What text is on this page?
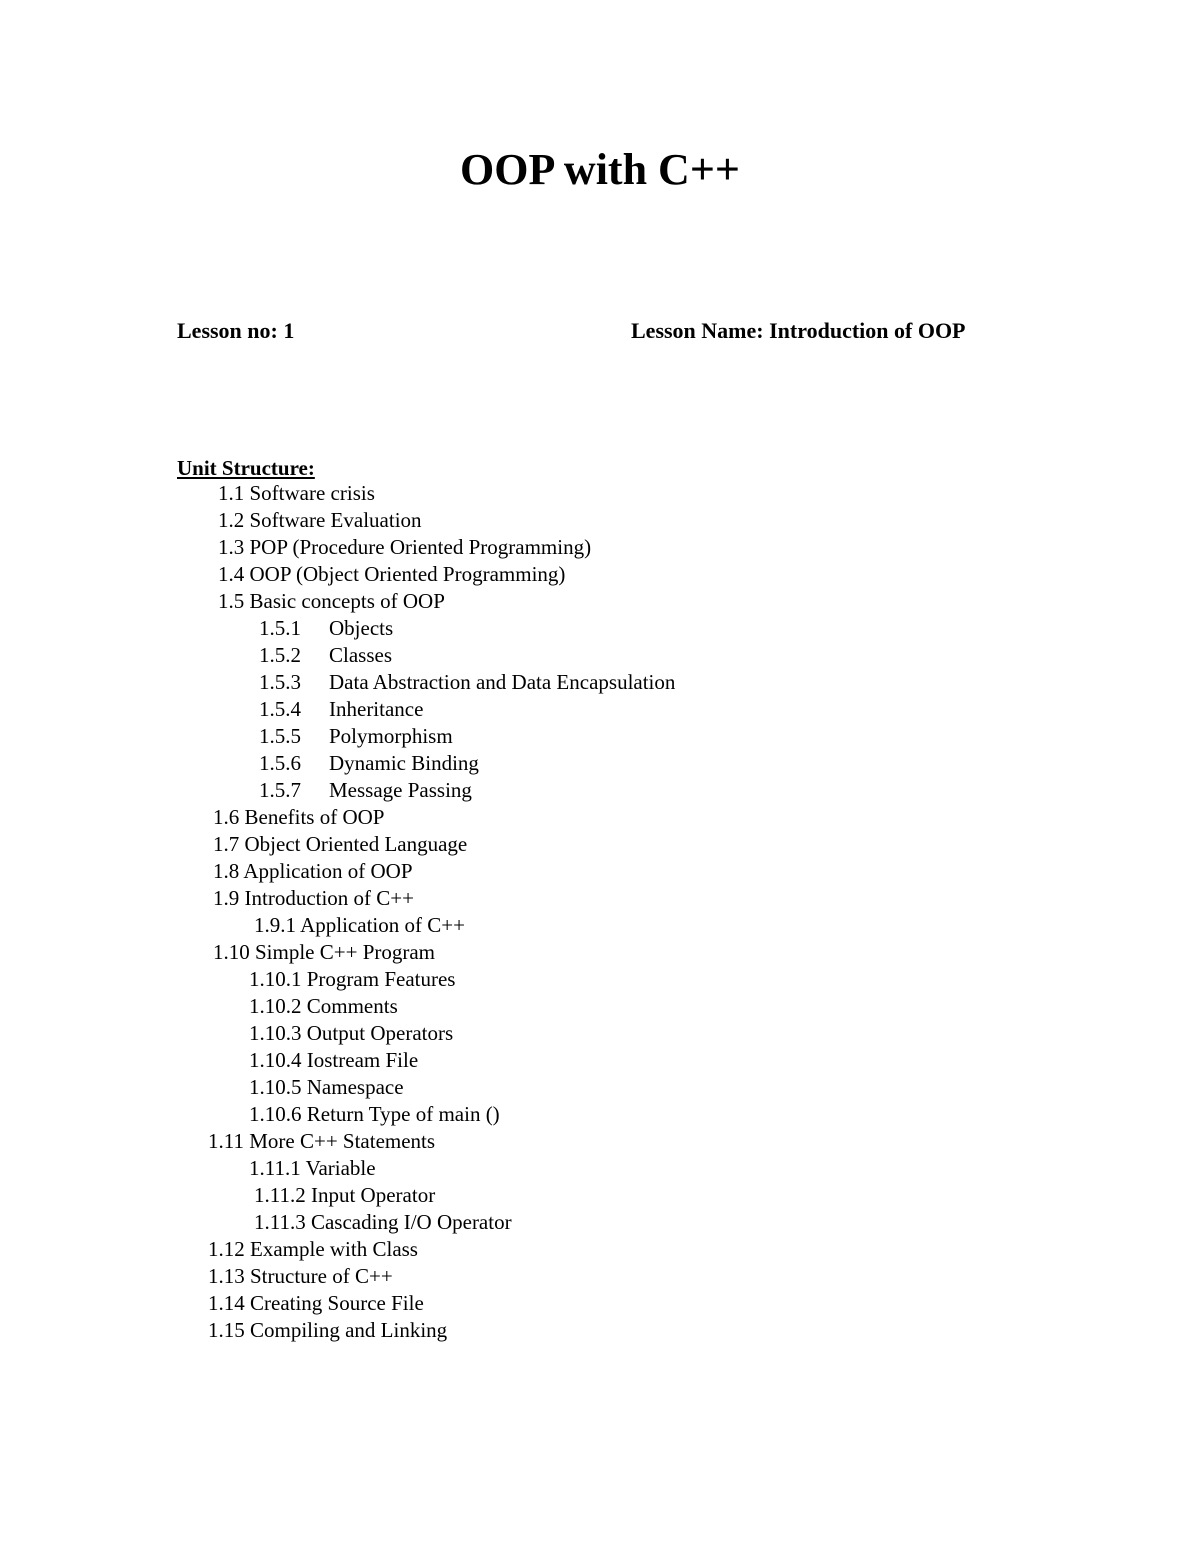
OOP with C++
Lesson no: 1	Lesson Name: Introduction of OOP
Unit Structure:
1.1 Software crisis
1.2 Software Evaluation
1.3 POP (Procedure Oriented Programming)
1.4 OOP (Object Oriented Programming)
1.5 Basic concepts of OOP
1.5.1 Objects
1.5.2 Classes
1.5.3 Data Abstraction and Data Encapsulation
1.5.4 Inheritance
1.5.5 Polymorphism
1.5.6 Dynamic Binding
1.5.7 Message Passing
1.6 Benefits of OOP
1.7 Object Oriented Language
1.8 Application of OOP
1.9 Introduction of C++
1.9.1 Application of C++
1.10 Simple C++ Program
1.10.1 Program Features
1.10.2 Comments
1.10.3 Output Operators
1.10.4 Iostream File
1.10.5 Namespace
1.10.6 Return Type of main ()
1.11 More C++ Statements
1.11.1 Variable
1.11.2 Input Operator
1.11.3 Cascading I/O Operator
1.12 Example with Class
1.13 Structure of C++
1.14 Creating Source File
1.15 Compiling and Linking
